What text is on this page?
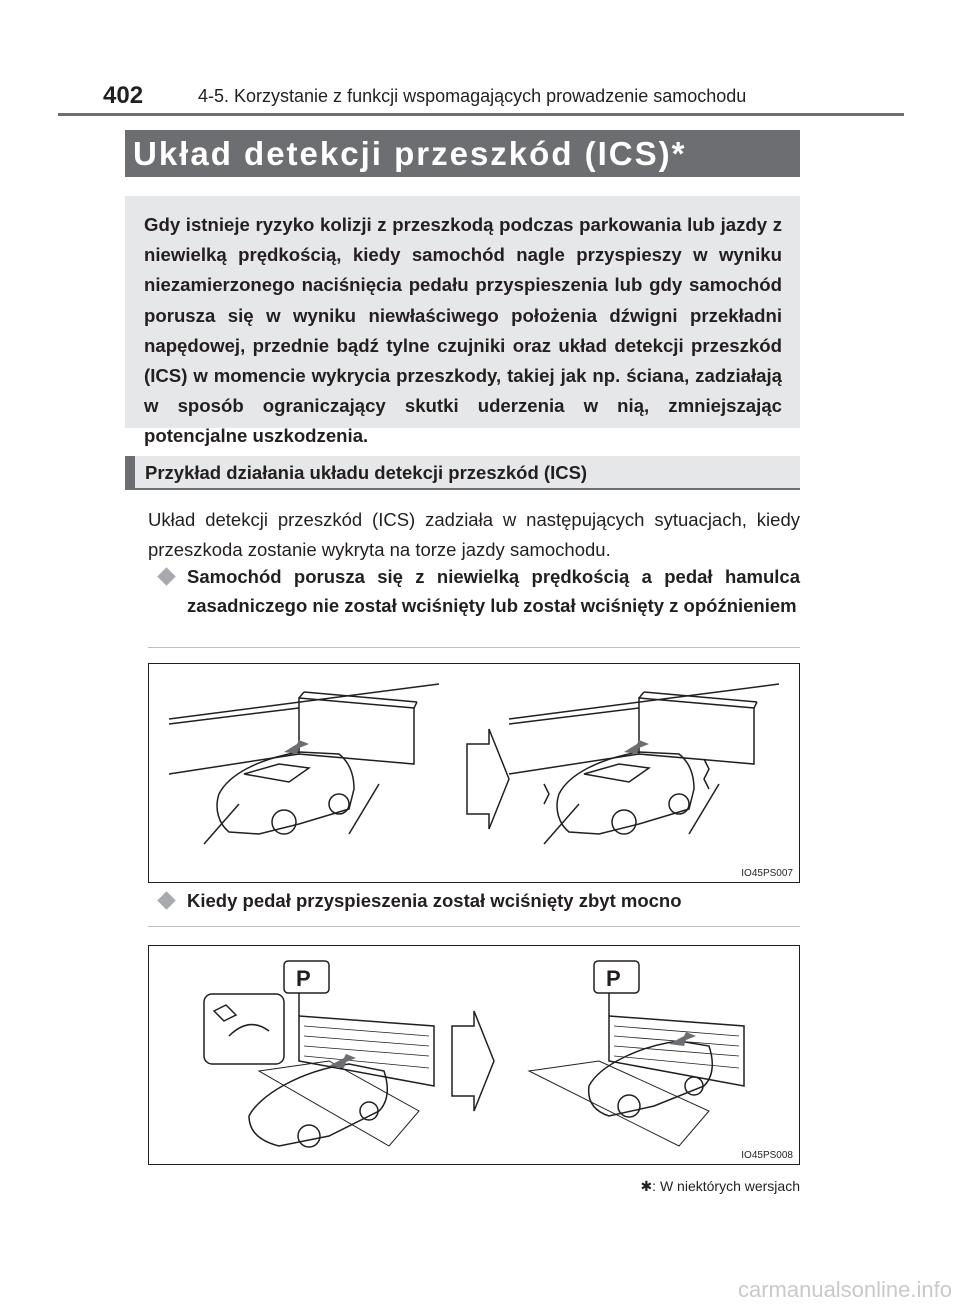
402	4-5. Korzystanie z funkcji wspomagających prowadzenie samochodu
Układ detekcji przeszkód (ICS)*
Gdy istnieje ryzyko kolizji z przeszkodą podczas parkowania lub jazdy z niewielką prędkością, kiedy samochód nagle przyspieszy w wyniku niezamierzonego naciśnięcia pedału przyspieszenia lub gdy samochód porusza się w wyniku niewłaściwego położenia dźwigni przekładni napędowej, przednie bądź tylne czujniki oraz układ detekcji przeszkód (ICS) w momencie wykrycia przeszkody, takiej jak np. ściana, zadziałają w sposób ograniczający skutki uderzenia w nią, zmniejszając potencjalne uszkodzenia.
Przykład działania układu detekcji przeszkód (ICS)
Układ detekcji przeszkód (ICS) zadziała w następujących sytuacjach, kiedy przeszkoda zostanie wykryta na torze jazdy samochodu.
Samochód porusza się z niewielką prędkością a pedał hamulca zasadniczego nie został wciśnięty lub został wciśnięty z opóźnieniem
IO45PS007
Kiedy pedał przyspieszenia został wciśnięty zbyt mocno
P	P
IO45PS008
✱: W niektórych wersjach
carmanualsonline.info
